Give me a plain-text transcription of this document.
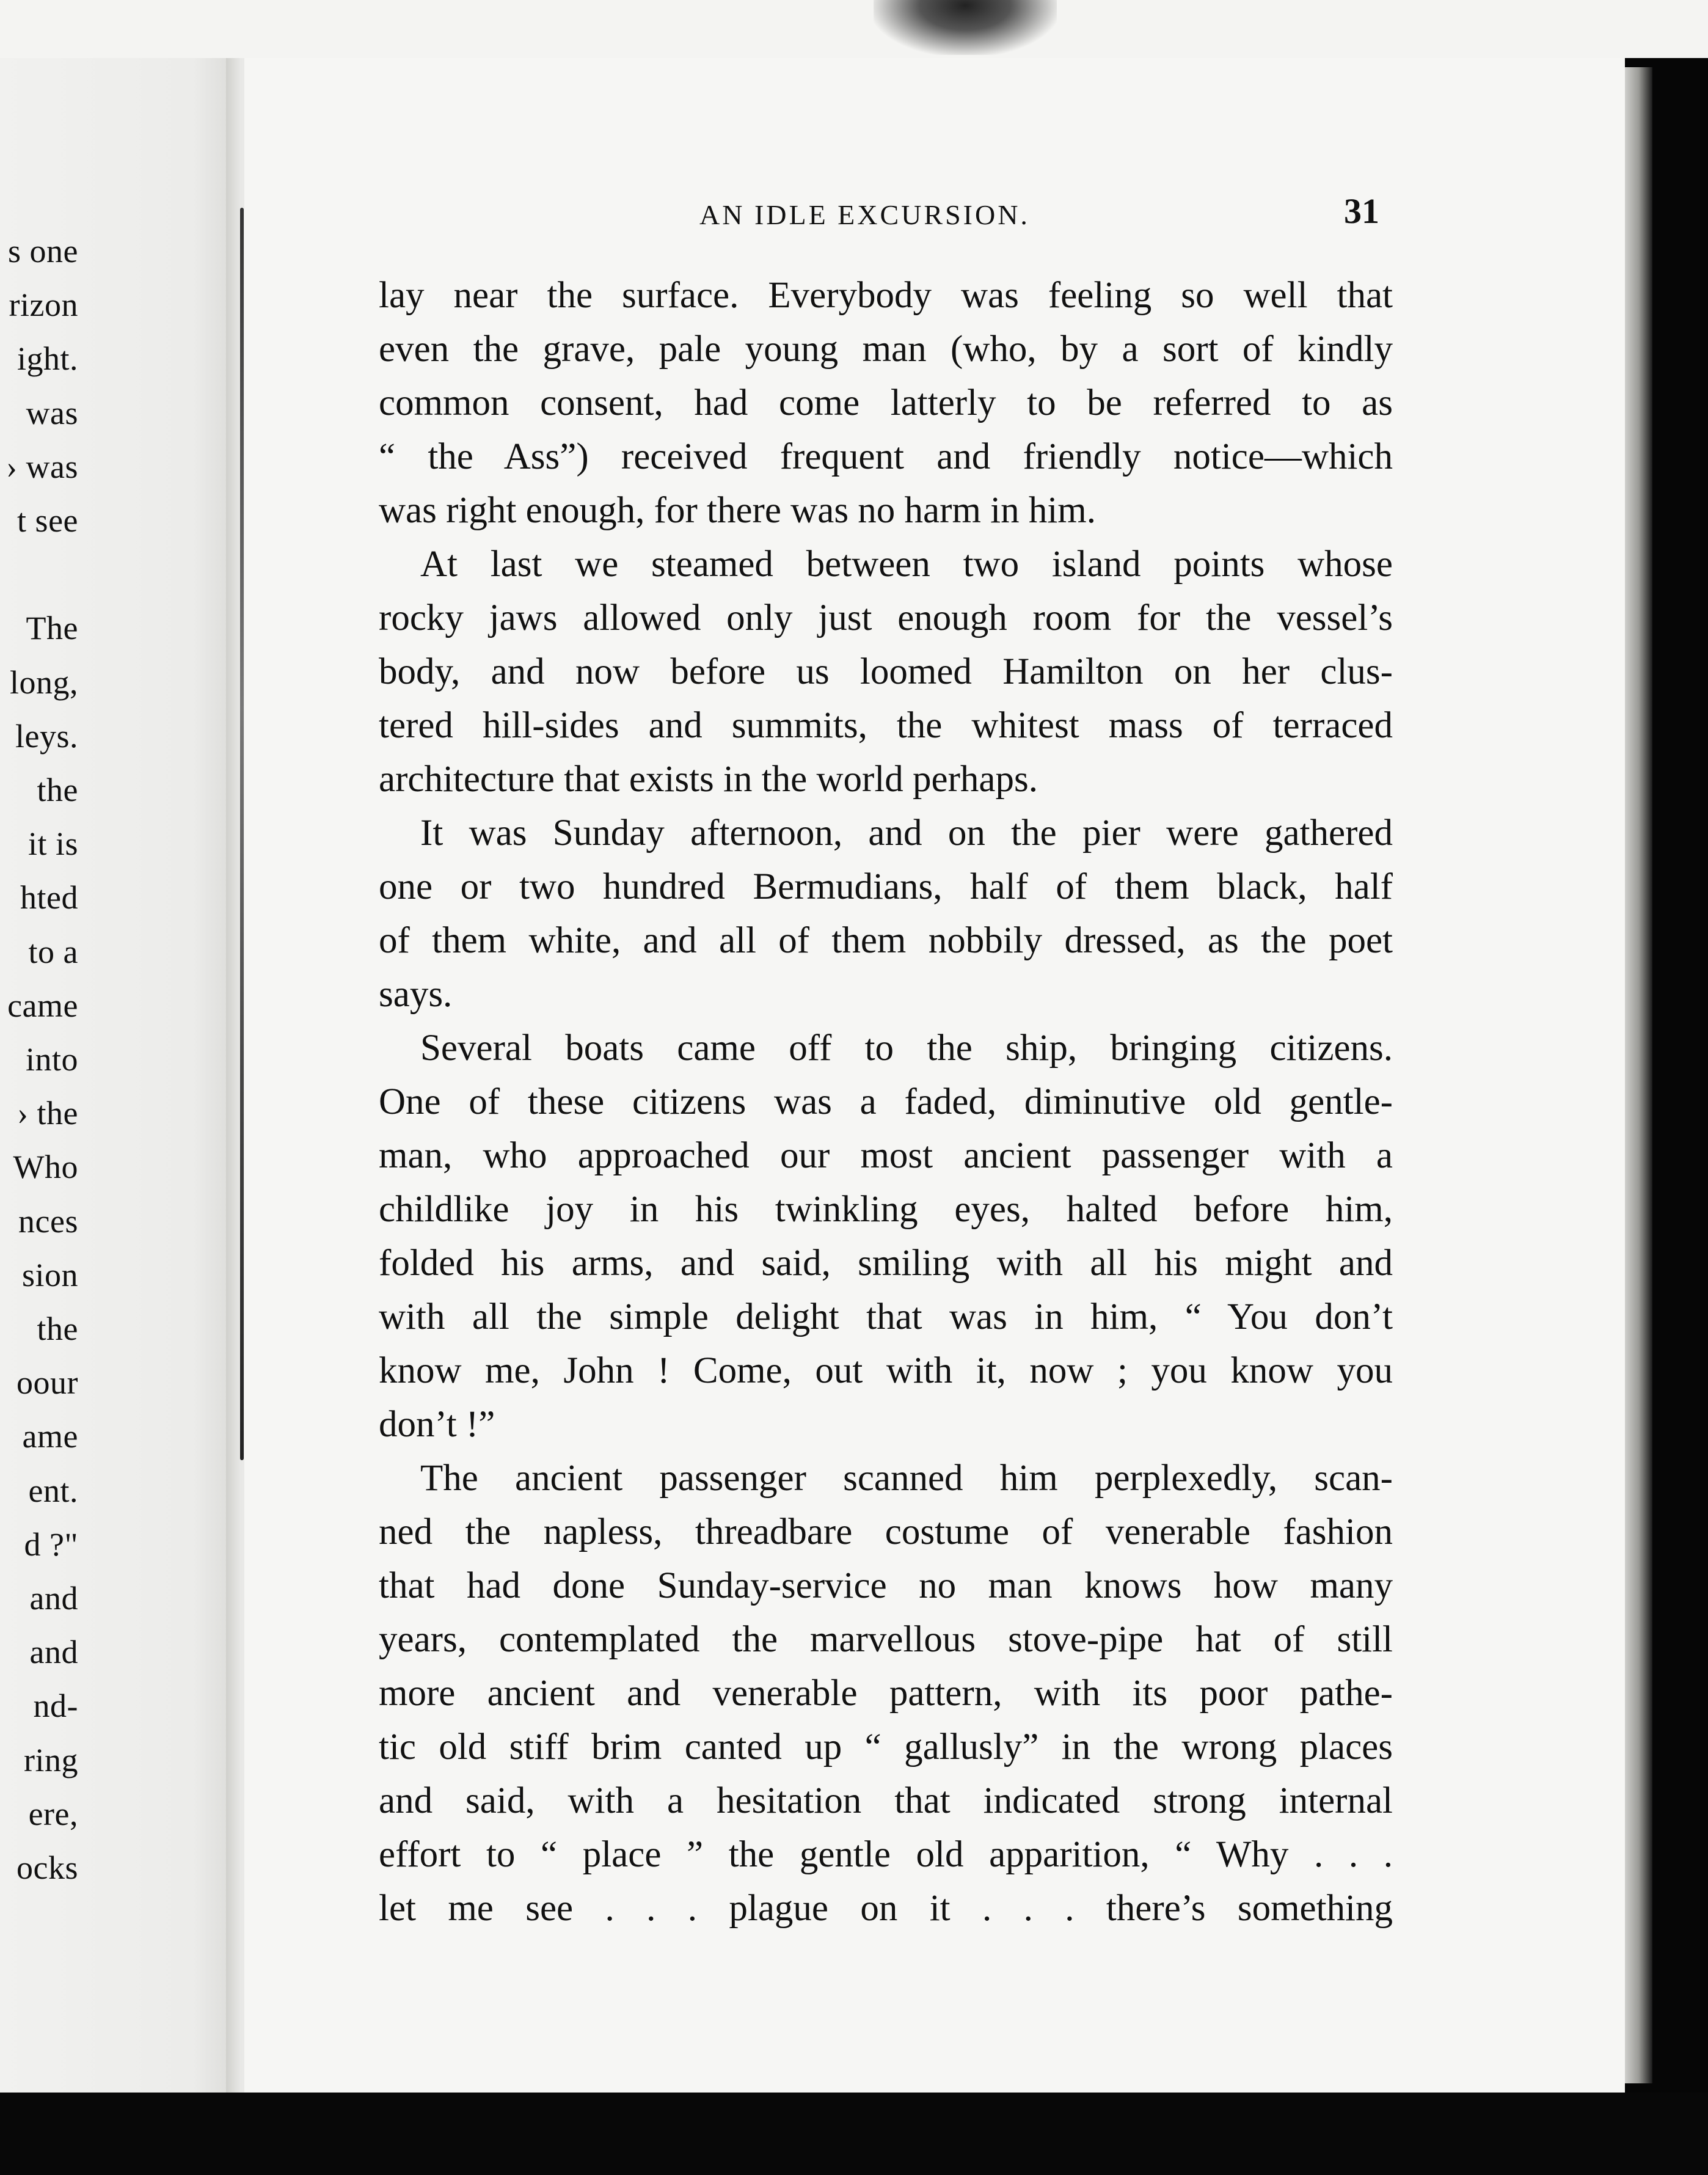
s one
rizon
ight.
was
› was
t see
The
long,
leys.
the
it is
hted
to a
came
into
› the
Who
nces
sion
the
oour
ame
ent.
d ?"
and
and
nd-
ring
ere,
ocks
AN IDLE EXCURSION.	31
lay near the surface. Everybody was feeling so well that
even the grave, pale young man (who, by a sort of kindly
common consent, had come latterly to be referred to as
“ the Ass”) received frequent and friendly notice—which
was right enough, for there was no harm in him.
At last we steamed between two island points whose
rocky jaws allowed only just enough room for the vessel’s
body, and now before us loomed Hamilton on her clus-
tered hill-sides and summits, the whitest mass of terraced
architecture that exists in the world perhaps.
It was Sunday afternoon, and on the pier were gathered
one or two hundred Bermudians, half of them black, half
of them white, and all of them nobbily dressed, as the poet
says.
Several boats came off to the ship, bringing citizens.
One of these citizens was a faded, diminutive old gentle-
man, who approached our most ancient passenger with a
childlike joy in his twinkling eyes, halted before him,
folded his arms, and said, smiling with all his might and
with all the simple delight that was in him, “ You don’t
know me, John ! Come, out with it, now ; you know you
don’t !”
The ancient passenger scanned him perplexedly, scan-
ned the napless, threadbare costume of venerable fashion
that had done Sunday-service no man knows how many
years, contemplated the marvellous stove-pipe hat of still
more ancient and venerable pattern, with its poor pathe-
tic old stiff brim canted up “ gallusly” in the wrong places
and said, with a hesitation that indicated strong internal
effort to “ place ” the gentle old apparition, “ Why . . .
let me see . . . plague on it . . . there’s something
